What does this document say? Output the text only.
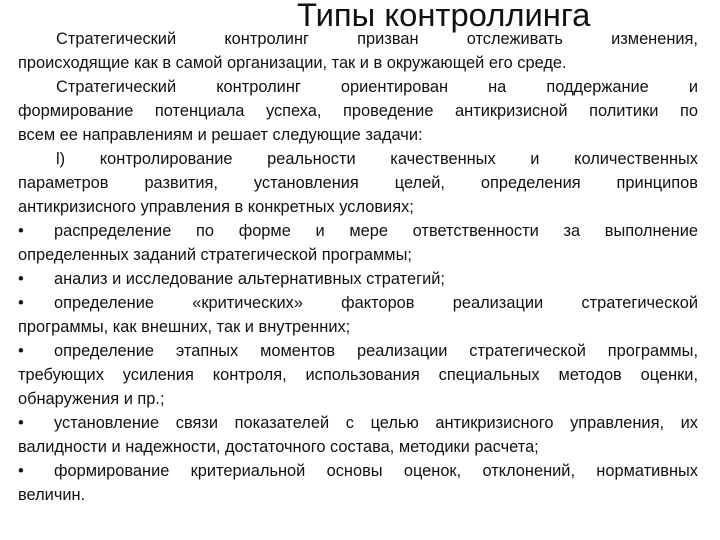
Типы контроллинга
Стратегический контролинг призван отслеживать изменения,
происходящие как в самой организации, так и в окружающей его среде.
Стратегический контролинг ориентирован на поддержание и
формирование потенциала успеха, проведение антикризисной политики по
всем ее направлениям и решает следующие задачи:
l) контролирование реальности качественных и количественных
параметров развития, установления целей, определения принципов
антикризисного управления в конкретных условиях;
•	распределение по форме и мере ответственности за выполнение
определенных заданий стратегической программы;
•	анализ и исследование альтернативных стратегий;
•	определение «критических» факторов реализации стратегической
программы, как внешних, так и внутренних;
•	определение этапных моментов реализации стратегической программы,
требующих усиления контроля, использования специальных методов оценки,
обнаружения и пр.;
•	установление связи показателей с целью антикризисного управления, их
валидности и надежности, достаточного состава, методики расчета;
•	формирование критериальной основы оценок, отклонений, нормативных
величин.
